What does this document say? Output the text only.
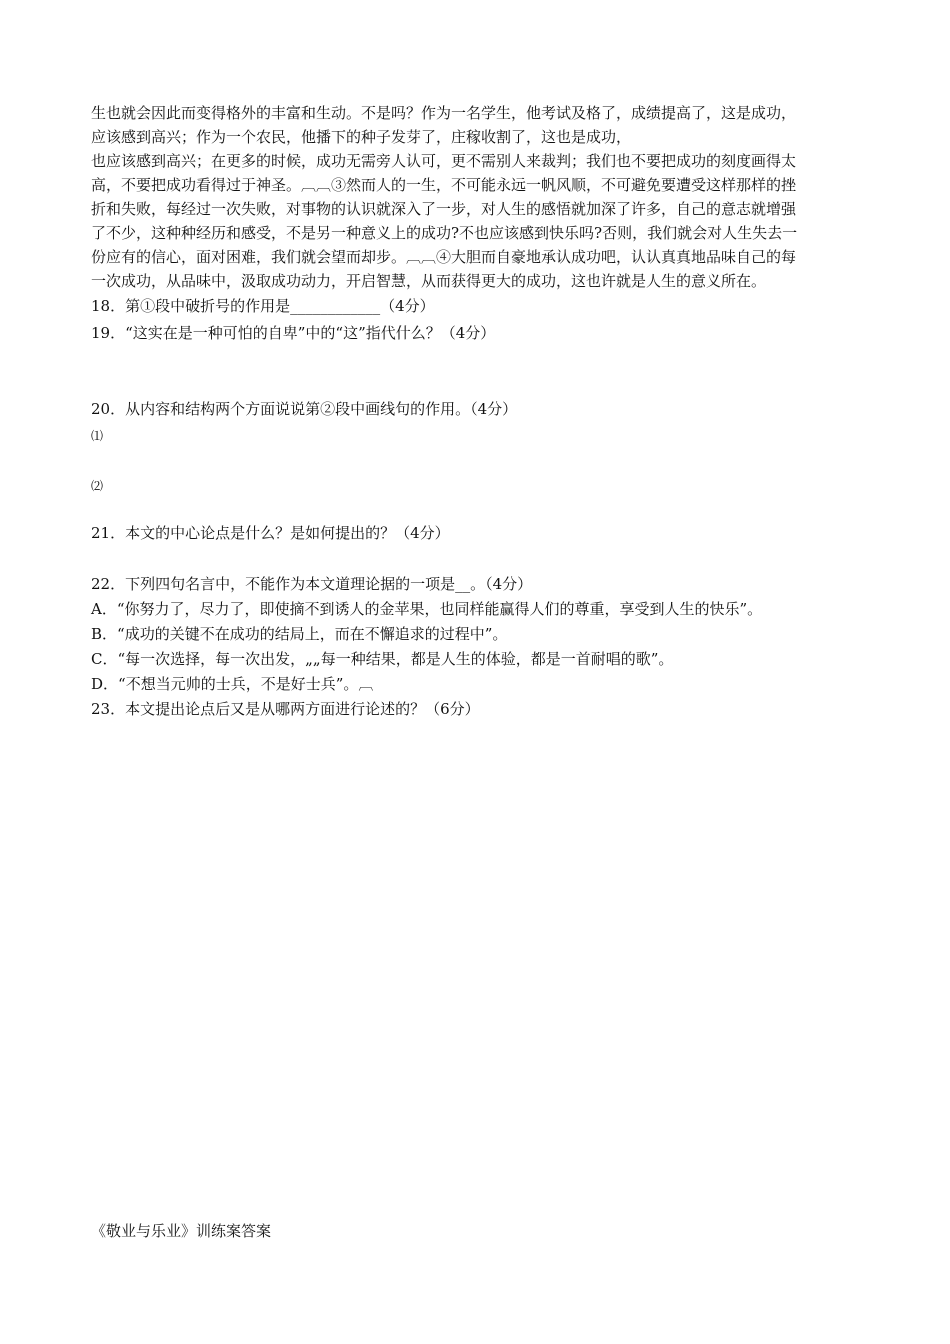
生也就会因此而变得格外的丰富和生动。不是吗？作为一名学生，他考试及格了，成绩提高了，这是成功，
应该感到高兴；作为一个农民，他播下的种子发芽了，庄稼收割了，这也是成功，
也应该感到高兴；在更多的时候，成功无需旁人认可，更不需别人来裁判；我们也不要把成功的刻度画得太
高，不要把成功看得过于神圣。︹︹③然而人的一生，不可能永远一帆风顺，不可避免要遭受这样那样的挫
折和失败，每经过一次失败，对事物的认识就深入了一步，对人生的感悟就加深了许多，自己的意志就增强
了不少，这种种经历和感受，不是另一种意义上的成功?不也应该感到快乐吗?否则，我们就会对人生失去一
份应有的信心，面对困难，我们就会望而却步。︹︹④大胆而自豪地承认成功吧，认认真真地品味自己的每
一次成功，从品味中，汲取成功动力，开启智慧，从而获得更大的成功，这也许就是人生的意义所在。
18．第①段中破折号的作用是____________（4分）
19．“这实在是一种可怕的自卑”中的“这”指代什么？（4分）
20．从内容和结构两个方面说说第②段中画线句的作用。（4分）
⑴
⑵
21．本文的中心论点是什么？是如何提出的？（4分）
22．下列四句名言中，不能作为本文道理论据的一项是__。（4分）
A．“你努力了，尽力了，即使摘不到诱人的金苹果，也同样能赢得人们的尊重，享受到人生的快乐”。
B．“成功的关键不在成功的结局上，而在不懈追求的过程中”。
C．“每一次选择，每一次出发，„„每一种结果，都是人生的体验，都是一首耐唱的歌”。
D．“不想当元帅的士兵，不是好士兵”。︹
23．本文提出论点后又是从哪两方面进行论述的？（6分）
《敬业与乐业》训练案答案
